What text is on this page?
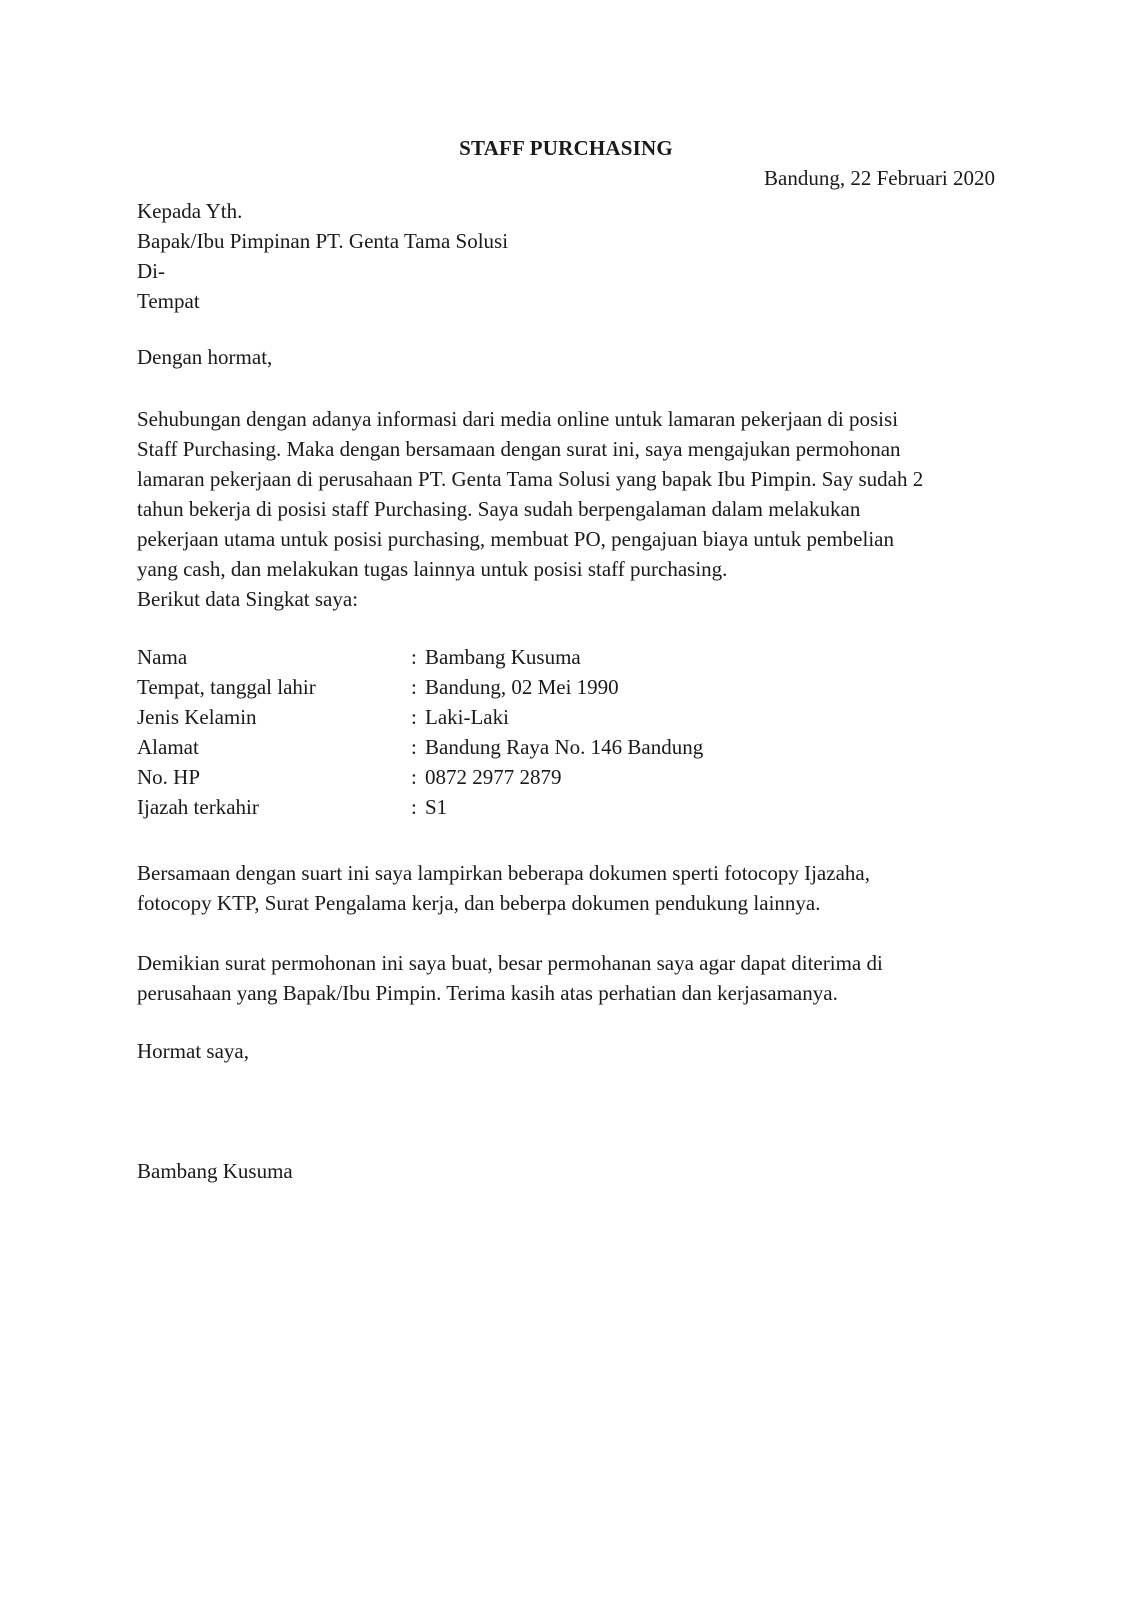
STAFF PURCHASING
Bandung, 22 Februari 2020
Kepada Yth.
Bapak/Ibu Pimpinan PT. Genta Tama Solusi
Di-
Tempat
Dengan hormat,
Sehubungan dengan adanya informasi dari media online untuk lamaran pekerjaan di posisi
Staff Purchasing. Maka dengan bersamaan dengan surat ini, saya mengajukan permohonan
lamaran pekerjaan di perusahaan PT. Genta Tama Solusi yang bapak Ibu Pimpin. Say sudah 2
tahun bekerja di posisi staff Purchasing. Saya sudah berpengalaman dalam melakukan
pekerjaan utama untuk posisi purchasing, membuat PO, pengajuan biaya untuk pembelian
yang cash, dan melakukan tugas lainnya untuk posisi staff purchasing.
Berikut data Singkat saya:
Nama	: Bambang Kusuma
Tempat, tanggal lahir	: Bandung, 02 Mei 1990
Jenis Kelamin	: Laki-Laki
Alamat	: Bandung Raya No. 146 Bandung
No. HP	: 0872 2977 2879
Ijazah terkahir	: S1
Bersamaan dengan suart ini saya lampirkan beberapa dokumen sperti fotocopy Ijazaha,
fotocopy KTP, Surat Pengalama kerja, dan beberpa dokumen pendukung lainnya.
Demikian surat permohonan ini saya buat, besar permohanan saya agar dapat diterima di
perusahaan yang Bapak/Ibu Pimpin. Terima kasih atas perhatian dan kerjasamanya.
Hormat saya,
Bambang Kusuma
